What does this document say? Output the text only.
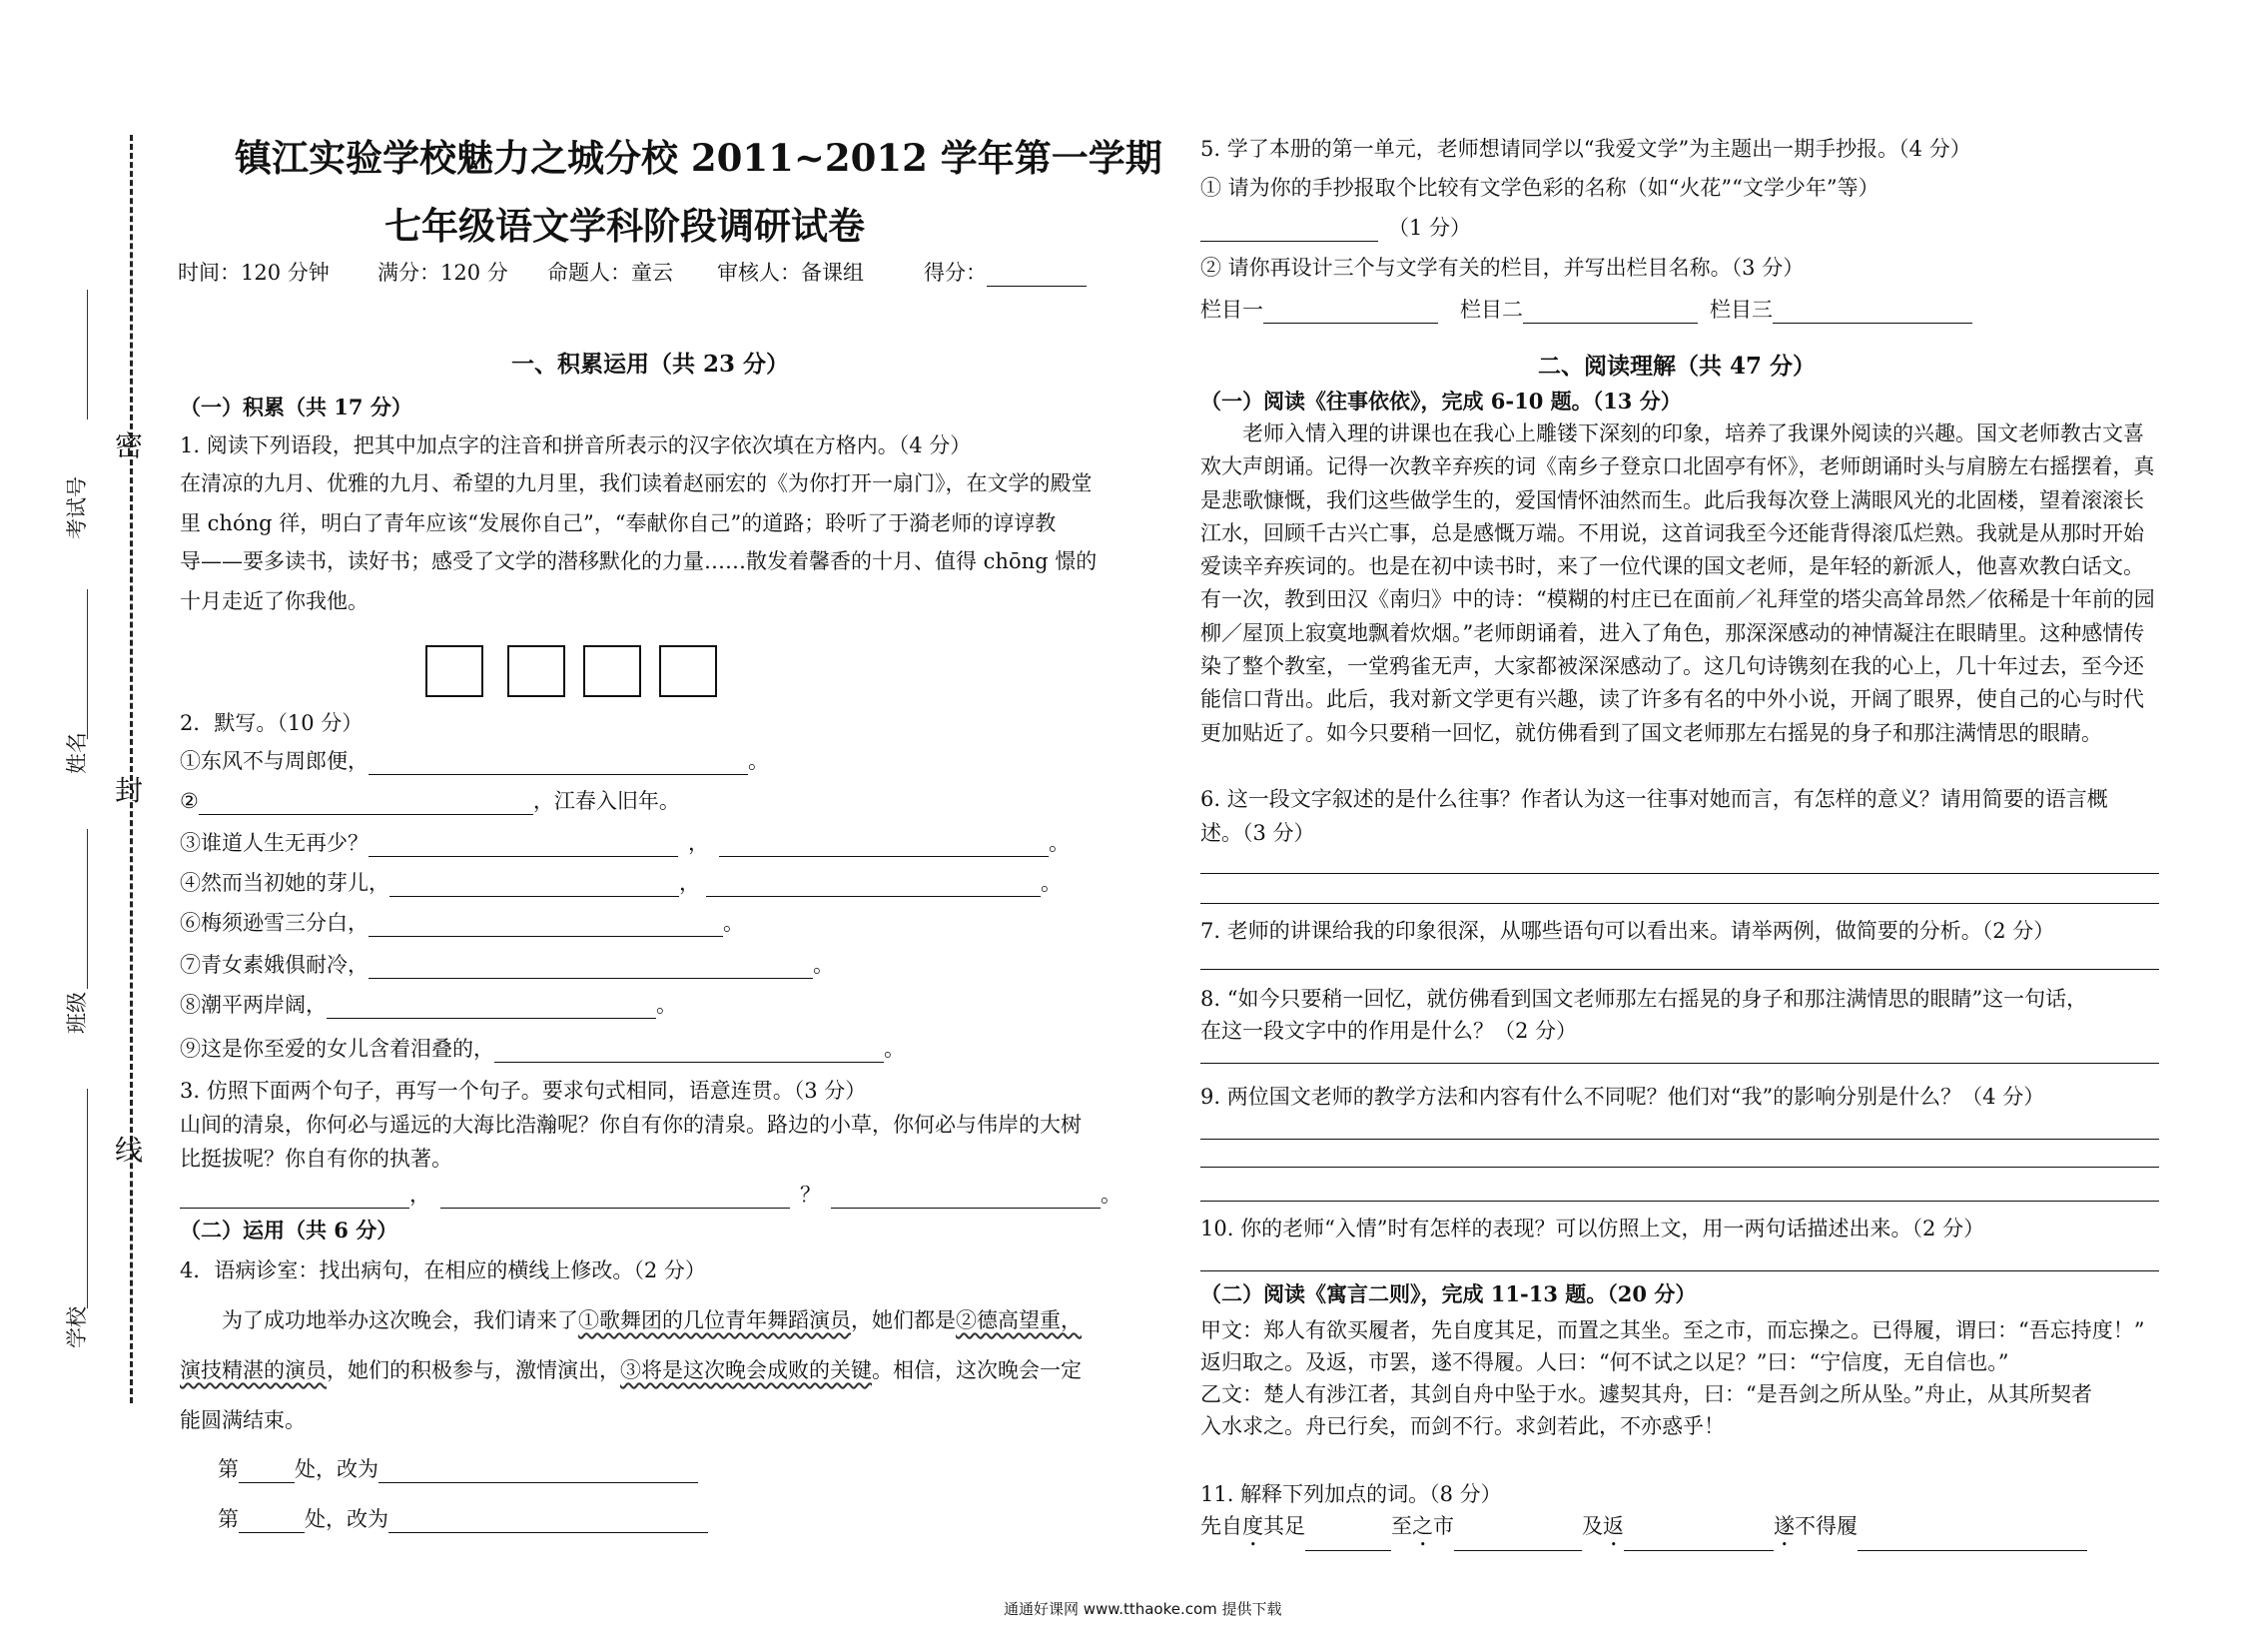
考试号
姓名
班级
学校
密
封
线
镇江实验学校魅力之城分校 2011~2012 学年第一学期
七年级语文学科阶段调研试卷
时间：120 分钟 满分：120 分 命题人：童云 审核人：备课组	得分：
一、积累运用（共 23 分）
（一）积累（共 17 分）
1. 阅读下列语段，把其中加点字的注音和拼音所表示的汉字依次填在方格内。（4 分）
在清凉的九月、优雅的九月、希望的九月里，我们读着赵丽宏的《为你打开一扇门》，在文学的殿堂
里 chóng 徉，明白了青年应该“发展你自己”，“奉献你自己”的道路；聆听了于漪老师的谆谆教
导——要多读书，读好书；感受了文学的潜移默化的力量……散发着馨香的十月、值得 chōng 憬的
十月走近了你我他。
2．默写。（10 分）
①东风不与周郎便，	。
②	，江春入旧年。
③谁道人生无再少？	，	。
④然而当初她的芽儿，	，	。
⑥梅须逊雪三分白，	。
⑦青女素娥俱耐冷，	。
⑧潮平两岸阔，	。
⑨这是你至爱的女儿含着泪叠的，	。
3. 仿照下面两个句子，再写一个句子。要求句式相同，语意连贯。（3 分）
山间的清泉，你何必与遥远的大海比浩瀚呢？你自有你的清泉。路边的小草，你何必与伟岸的大树
比挺拔呢？你自有你的执著。
，	？	。
（二）运用（共 6 分）
4．语病诊室：找出病句，在相应的横线上修改。（2 分）
为了成功地举办这次晚会，我们请来了①歌舞团的几位青年舞蹈演员，她们都是②德高望重，
演技精湛的演员，她们的积极参与，激情演出，③将是这次晚会成败的关键。相信，这次晚会一定
能圆满结束。
第	处，改为
第	处，改为
5. 学了本册的第一单元，老师想请同学以“我爱文学”为主题出一期手抄报。（4 分）
① 请为你的手抄报取个比较有文学色彩的名称（如“火花”“文学少年”等）
（1 分）
② 请你再设计三个与文学有关的栏目，并写出栏目名称。（3 分）
栏目一	栏目二	栏目三
二、阅读理解（共 47 分）
（一）阅读《往事依依》，完成 6-10 题。（13 分）
老师入情入理的讲课也在我心上雕镂下深刻的印象，培养了我课外阅读的兴趣。国文老师教古文喜欢大声朗诵。记得一次教辛弃疾的词《南乡子登京口北固亭有怀》，老师朗诵时头与肩膀左右摇摆着，真是悲歌慷慨，我们这些做学生的，爱国情怀油然而生。此后我每次登上满眼风光的北固楼，望着滚滚长江水，回顾千古兴亡事，总是感慨万端。不用说，这首词我至今还能背得滚瓜烂熟。我就是从那时开始爱读辛弃疾词的。也是在初中读书时，来了一位代课的国文老师，是年轻的新派人，他喜欢教白话文。有一次，教到田汉《南归》中的诗：“模糊的村庄已在面前／礼拜堂的塔尖高耸昂然／依稀是十年前的园柳／屋顶上寂寞地飘着炊烟。”老师朗诵着，进入了角色，那深深感动的神情凝注在眼睛里。这种感情传染了整个教室，一堂鸦雀无声，大家都被深深感动了。这几句诗镌刻在我的心上，几十年过去，至今还能信口背出。此后，我对新文学更有兴趣，读了许多有名的中外小说，开阔了眼界，使自己的心与时代更加贴近了。如今只要稍一回忆，就仿佛看到了国文老师那左右摇晃的身子和那注满情思的眼睛。
6. 这一段文字叙述的是什么往事？作者认为这一往事对她而言，有怎样的意义？请用简要的语言概
述。（3 分）
7. 老师的讲课给我的印象很深，从哪些语句可以看出来。请举两例，做简要的分析。（2 分）
8. “如今只要稍一回忆，就仿佛看到国文老师那左右摇晃的身子和那注满情思的眼睛”这一句话，
在这一段文字中的作用是什么？（2 分）
9. 两位国文老师的教学方法和内容有什么不同呢？他们对“我”的影响分别是什么？（4 分）
10. 你的老师“入情”时有怎样的表现？可以仿照上文，用一两句话描述出来。（2 分）
（二）阅读《寓言二则》，完成 11-13 题。（20 分）
甲文：郑人有欲买履者，先自度其足，而置之其坐。至之市，而忘操之。已得履，谓曰：“吾忘持度！”
返归取之。及返，市罢，遂不得履。人曰：“何不试之以足？”曰：“宁信度，无自信也。”
乙文：楚人有涉江者，其剑自舟中坠于水。遽契其舟，曰：“是吾剑之所从坠。”舟止，从其所契者
入水求之。舟已行矣，而剑不行。求剑若此，不亦惑乎！
11. 解释下列加点的词。（8 分）
先自度其足	至之市	及返	遂不得履
通通好课网 www.tthaoke.com 提供下载
